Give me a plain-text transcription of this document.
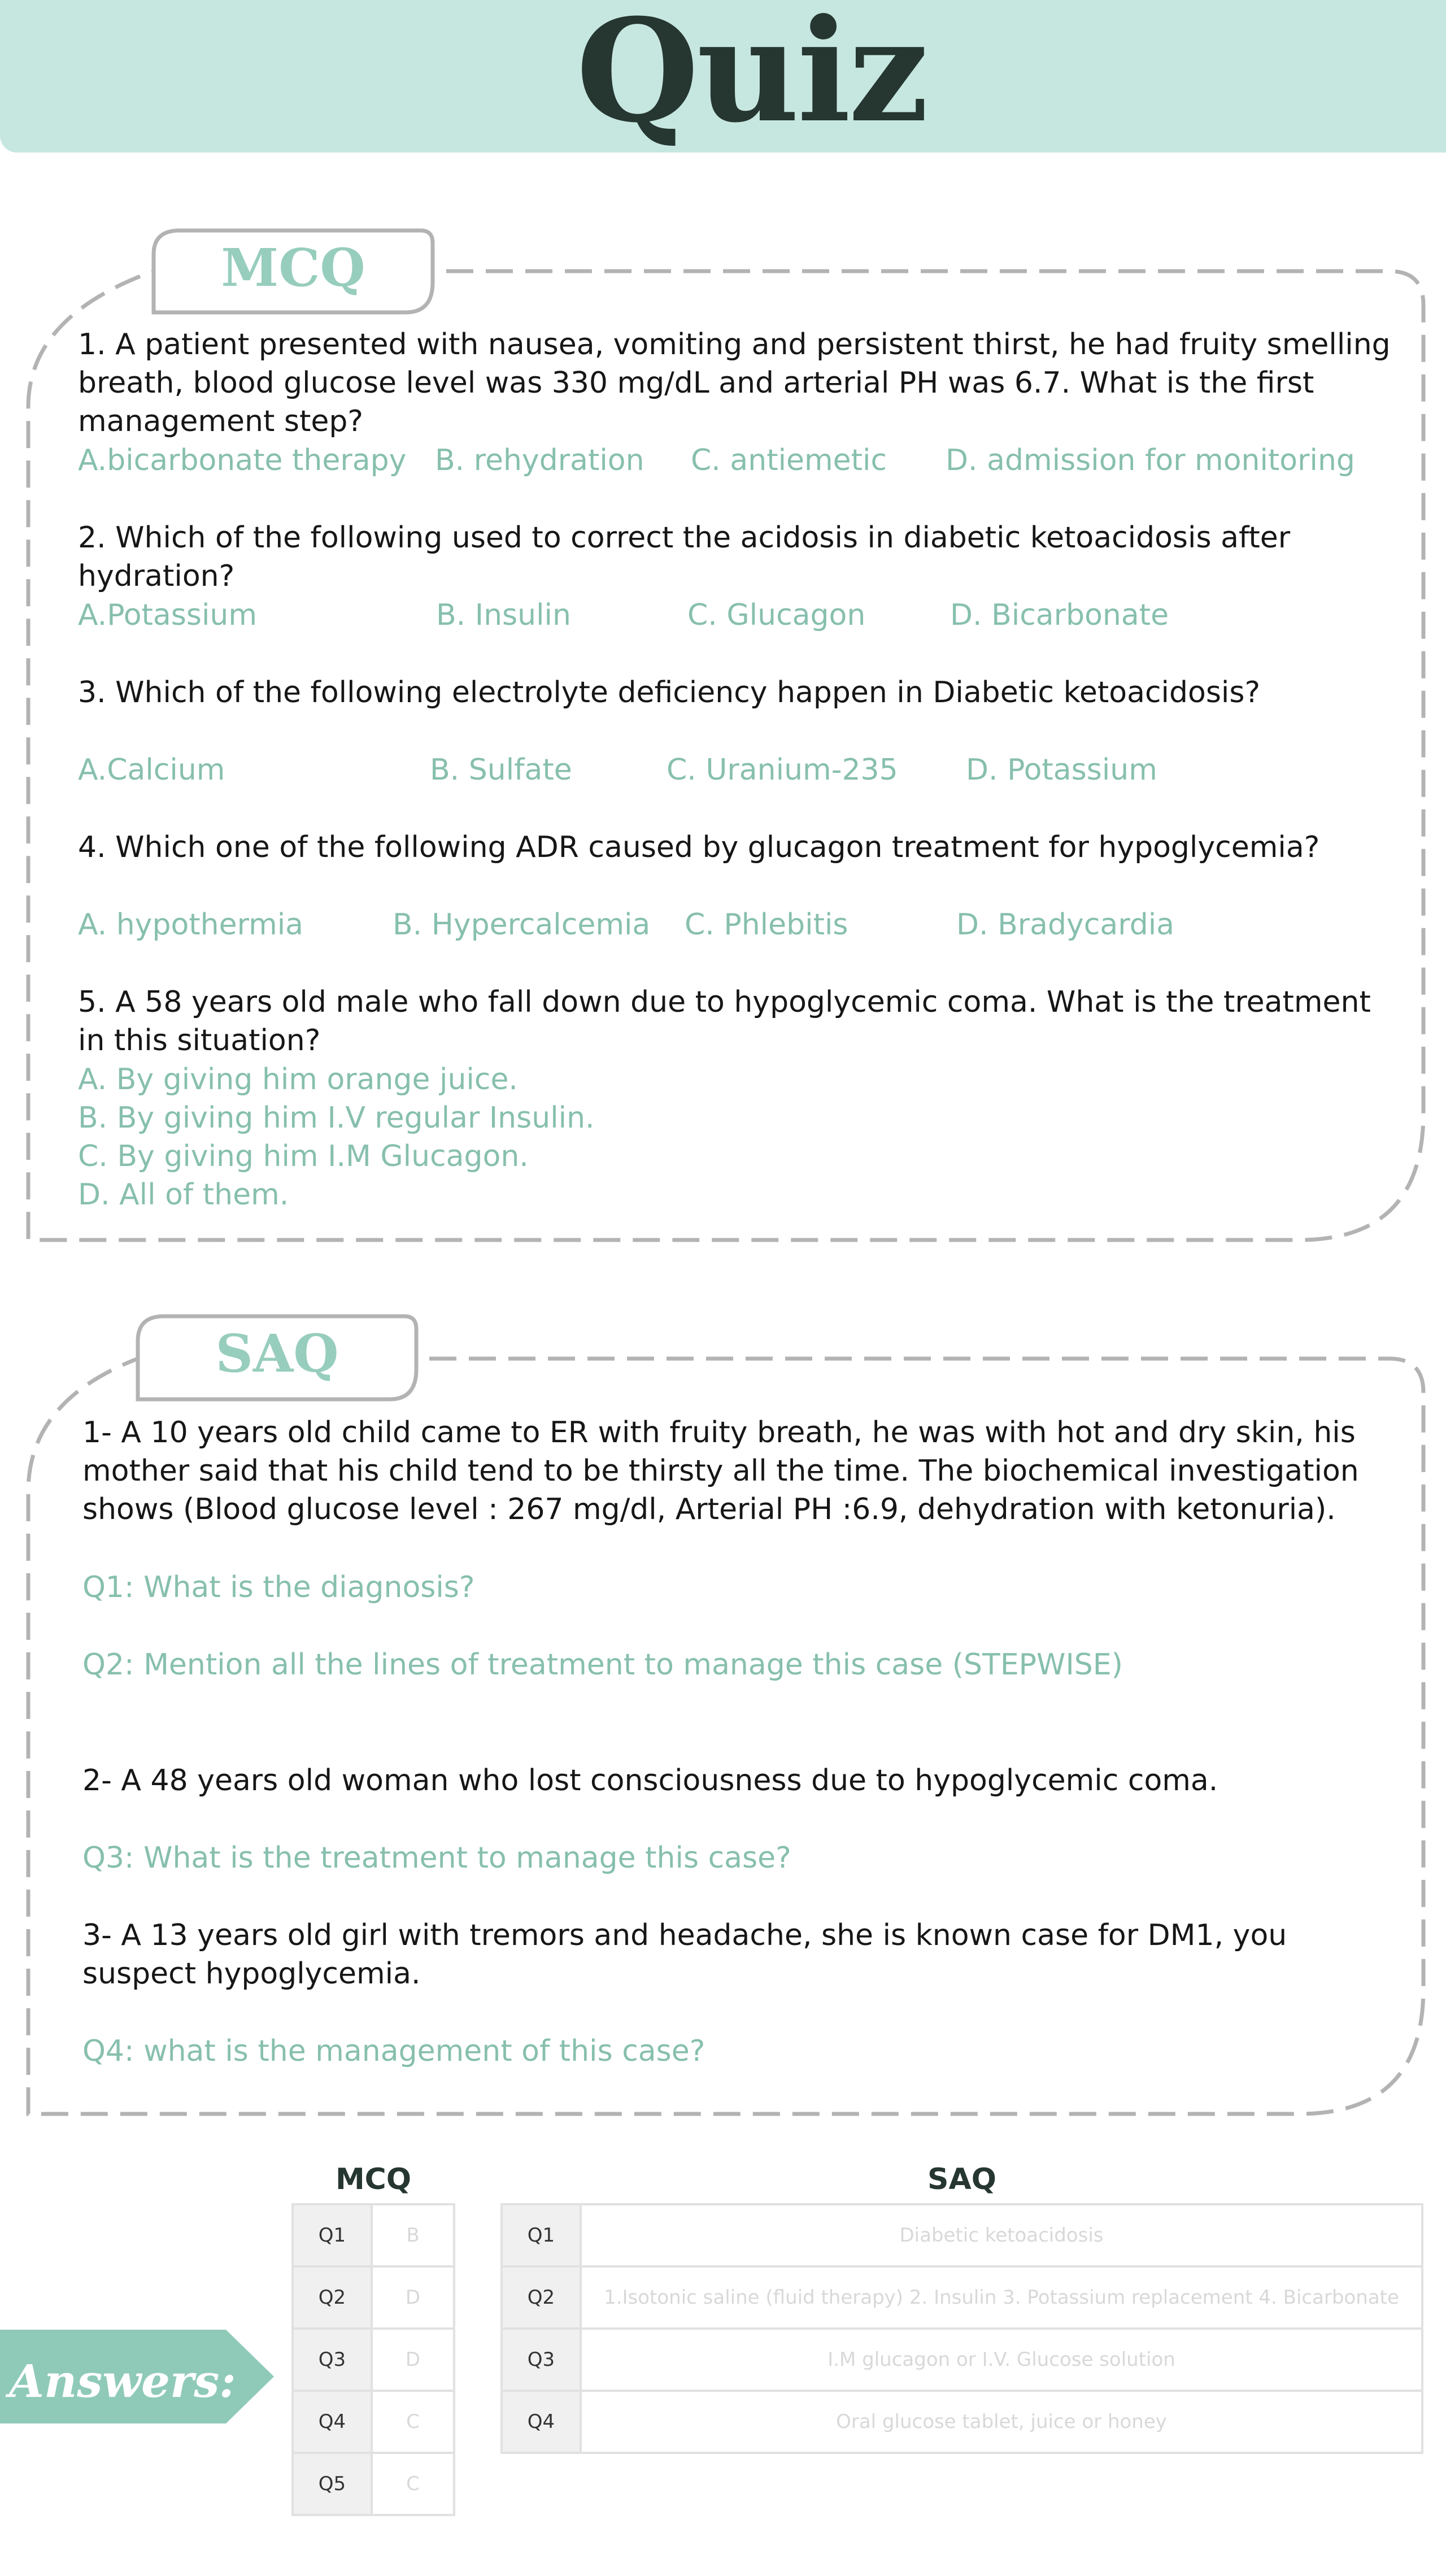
Quiz
MCQ
1. A patient presented with nausea, vomiting and persistent thirst, he had fruity smelling breath, blood glucose level was 330 mg/dL and arterial PH was 6.7. What is the first management step?
A.bicarbonate therapy B. rehydration C. antiemetic D. admission for monitoring
2. Which of the following used to correct the acidosis in diabetic ketoacidosis after hydration?
A.Potassium	B. Insulin	C. Glucagon	D. Bicarbonate
3. Which of the following electrolyte deficiency happen in Diabetic ketoacidosis?
A.Calcium	B. Sulfate	C. Uranium-235 D. Potassium
4. Which one of the following ADR caused by glucagon treatment for hypoglycemia?
A. hypothermia	B. Hypercalcemia C. Phlebitis	D. Bradycardia
5. A 58 years old male who fall down due to hypoglycemic coma. What is the treatment in this situation?
A. By giving him orange juice.
B. By giving him I.V regular Insulin.
C. By giving him I.M Glucagon.
D. All of them.
SAQ
1- A 10 years old child came to ER with fruity breath, he was with hot and dry skin, his mother said that his child tend to be thirsty all the time. The biochemical investigation shows (Blood glucose level : 267 mg/dl, Arterial PH :6.9, dehydration with ketonuria).
Q1: What is the diagnosis?
Q2: Mention all the lines of treatment to manage this case (STEPWISE)
2- A 48 years old woman who lost consciousness due to hypoglycemic coma.
Q3: What is the treatment to manage this case?
3- A 13 years old girl with tremors and headache, she is known case for DM1, you suspect hypoglycemia.
Q4: what is the management of this case?
Answers:
MCQ	SAQ
Q1	B
Q2	D
Q3	D
Q4	C
Q5	C
Q1	Diabetic ketoacidosis
Q2	1.Isotonic saline (fluid therapy) 2. Insulin 3. Potassium replacement 4. Bicarbonate
Q3	I.M glucagon or I.V. Glucose solution
Q4	Oral glucose tablet, juice or honey
